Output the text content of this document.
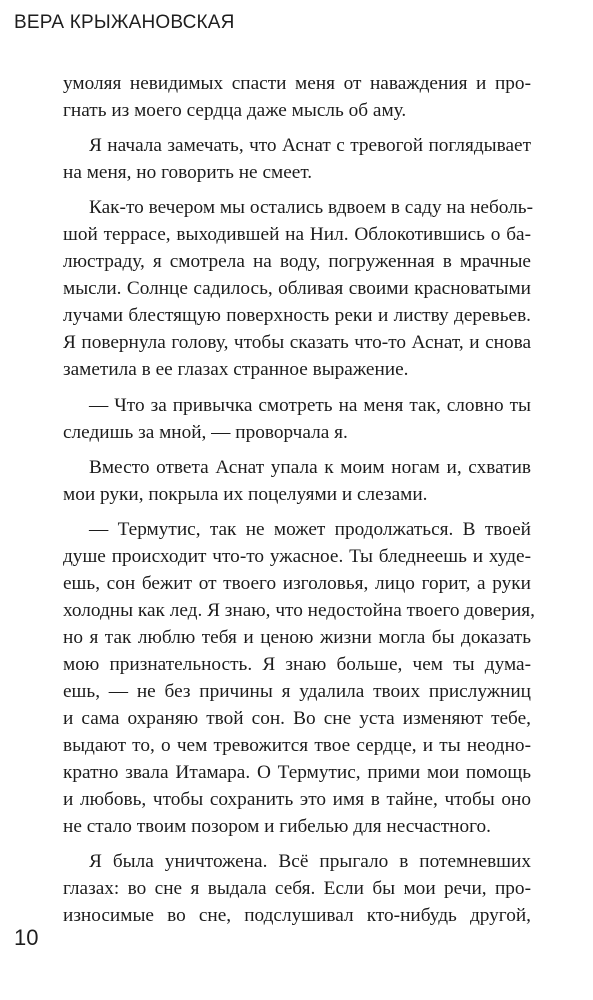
ВЕРА КРЫЖАНОВСКАЯ
умоляя невидимых спасти меня от наваждения и про-
гнать из моего сердца даже мысль об аму.
Я начала замечать, что Аснат с тревогой поглядывает
на меня, но говорить не смеет.
Как-то вечером мы остались вдвоем в саду на неболь-
шой террасе, выходившей на Нил. Облокотившись о ба-
люстраду, я смотрела на воду, погруженная в мрачные
мысли. Солнце садилось, обливая своими красноватыми
лучами блестящую поверхность реки и листву деревьев.
Я повернула голову, чтобы сказать что-то Аснат, и снова
заметила в ее глазах странное выражение.
— Что за привычка смотреть на меня так, словно ты
следишь за мной, — проворчала я.
Вместо ответа Аснат упала к моим ногам и, схватив
мои руки, покрыла их поцелуями и слезами.
— Термутис, так не может продолжаться. В твоей
душе происходит что-то ужасное. Ты бледнеешь и худе-
ешь, сон бежит от твоего изголовья, лицо горит, а руки
холодны как лед. Я знаю, что недостойна твоего доверия,
но я так люблю тебя и ценою жизни могла бы доказать
мою признательность. Я знаю больше, чем ты дума-
ешь, — не без причины я удалила твоих прислужниц
и сама охраняю твой сон. Во сне уста изменяют тебе,
выдают то, о чем тревожится твое сердце, и ты неодно-
кратно звала Итамара. О Термутис, прими мои помощь
и любовь, чтобы сохранить это имя в тайне, чтобы оно
не стало твоим позором и гибелью для несчастного.
Я была уничтожена. Всё прыгало в потемневших
глазах: во сне я выдала себя. Если бы мои речи, про-
износимые во сне, подслушивал кто-нибудь другой,
10
